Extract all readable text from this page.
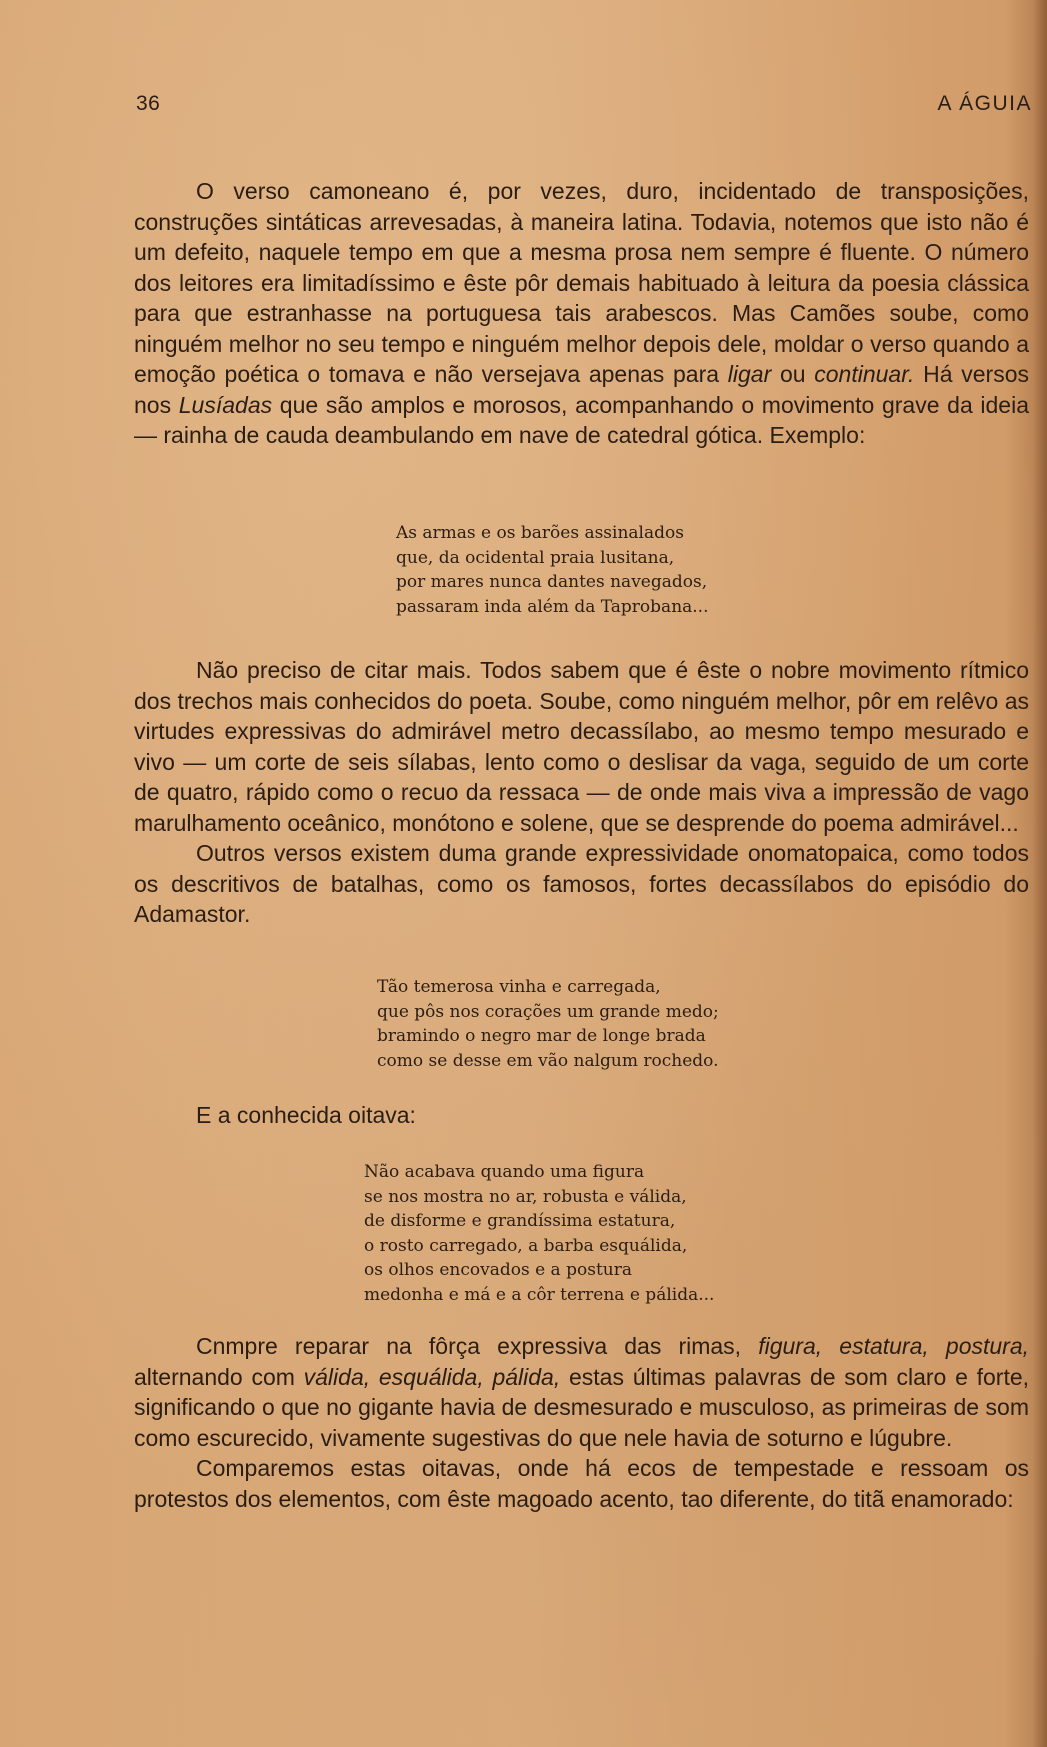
36	A ÁGUIA

O verso camoneano é, por vezes, duro, incidentado de transposições, construções sintáticas arrevesadas, à maneira latina. Todavia, notemos que isto não é um defeito, naquele tempo em que a mesma prosa nem sempre é fluente. O número dos leitores era limitadíssimo e êste pôr demais habituado à leitura da poesia clássica para que estranhasse na portuguesa tais arabescos. Mas Camões soube, como ninguém melhor no seu tempo e ninguém melhor depois dele, moldar o verso quando a emoção poética o tomava e não versejava apenas para ligar ou continuar. Há versos nos Lusíadas que são amplos e morosos, acompanhando o movimento grave da ideia — rainha de cauda deambulando em nave de catedral gótica. Exemplo:

As armas e os barões assinalados
que, da ocidental praia lusitana,
por mares nunca dantes navegados,
passaram inda além da Taprobana...

Não preciso de citar mais. Todos sabem que é êste o nobre movimento rítmico dos trechos mais conhecidos do poeta. Soube, como ninguém melhor, pôr em relêvo as virtudes expressivas do admirável metro decassílabo, ao mesmo tempo mesurado e vivo — um corte de seis sílabas, lento como o deslisar da vaga, seguido de um corte de quatro, rápido como o recuo da ressaca — de onde mais viva a impressão de vago marulhamento oceânico, monótono e solene, que se desprende do poema admirável...

Outros versos existem duma grande expressividade onomatopaica, como todos os descritivos de batalhas, como os famosos, fortes decassílabos do episódio do Adamastor.

Tão temerosa vinha e carregada,
que pôs nos corações um grande medo;
bramindo o negro mar de longe brada
como se desse em vão nalgum rochedo.

E a conhecida oitava:

Não acabava quando uma figura
se nos mostra no ar, robusta e válida,
de disforme e grandíssima estatura,
o rosto carregado, a barba esquálida,
os olhos encovados e a postura
medonha e má e a côr terrena e pálida...

Cnmpre reparar na fôrça expressiva das rimas, figura, estatura, postura, alternando com válida, esquálida, pálida, estas últimas palavras de som claro e forte, significando o que no gigante havia de desmesurado e musculoso, as primeiras de som como escurecido, vivamente sugestivas do que nele havia de soturno e lúgubre.

Comparemos estas oitavas, onde há ecos de tempestade e ressoam os protestos dos elementos, com êste magoado acento, tao diferente, do titã enamorado:
